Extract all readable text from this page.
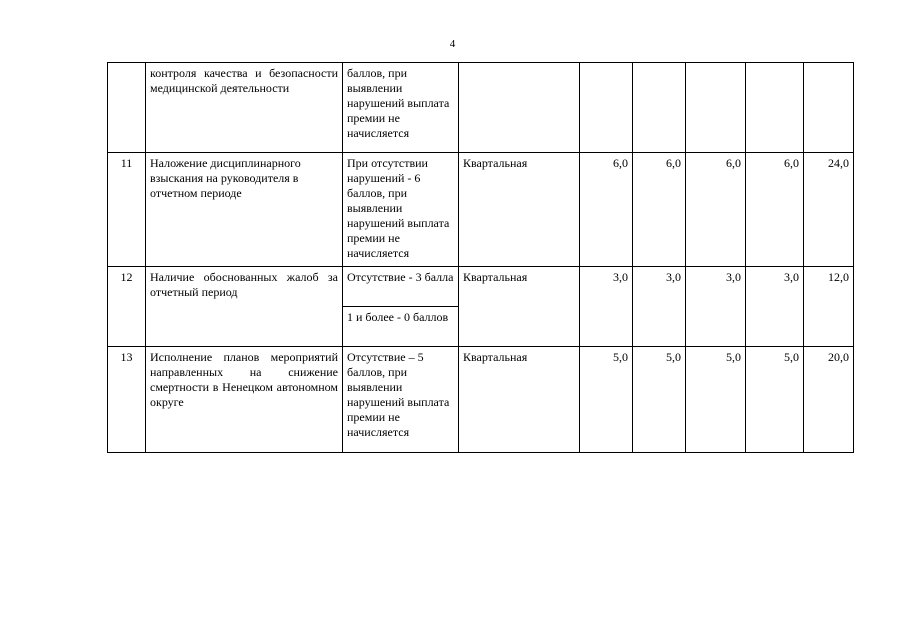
4
	контроля качества и безопасности медицинской деятельности	баллов, при выявлении нарушений выплата премии не начисляется						
11	Наложение дисциплинарного взыскания на руководителя в отчетном периоде	При отсутствии нарушений - 6 баллов, при выявлении нарушений выплата премии не начисляется	Квартальная	6,0	6,0	6,0	6,0	24,0
12	Наличие обоснованных жалоб за отчетный период	Отсутствие - 3 балла	Квартальная	3,0	3,0	3,0	3,0	12,0
		1 и более - 0 баллов						
13	Исполнение планов мероприятий направленных на снижение смертности в Ненецком автономном округе	Отсутствие – 5 баллов, при выявлении нарушений выплата премии не начисляется	Квартальная	5,0	5,0	5,0	5,0	20,0
